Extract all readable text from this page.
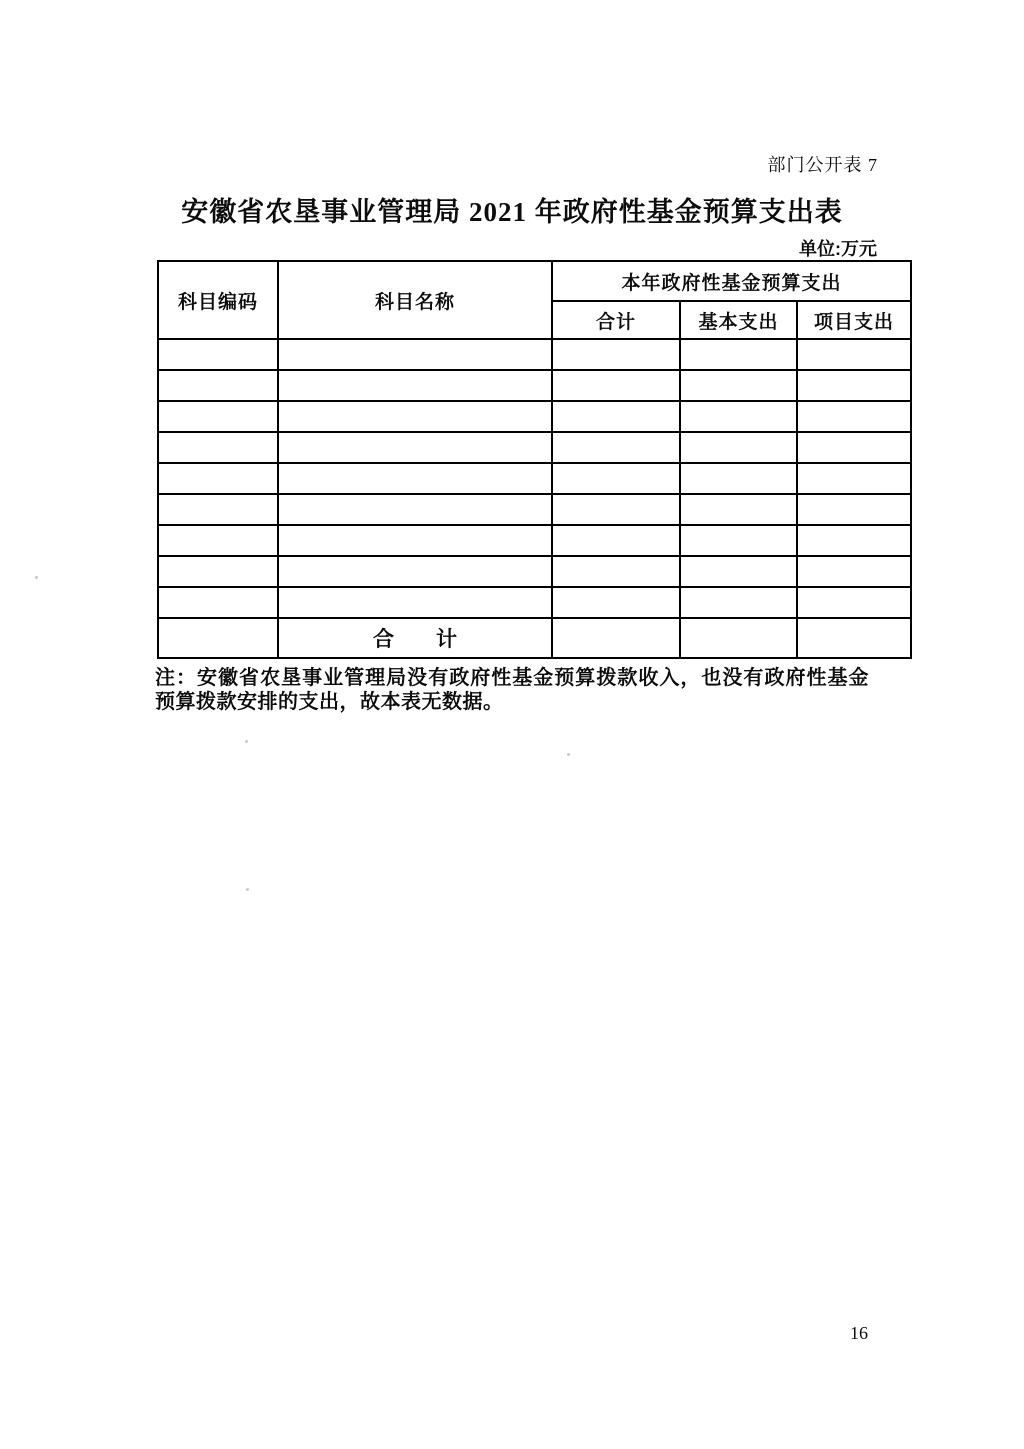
部门公开表 7
安徽省农垦事业管理局 2021 年政府性基金预算支出表
单位:万元
科目编码	科目名称	本年政府性基金预算支出		
		合计	基本支出	项目支出

	合　　计			
注：安徽省农垦事业管理局没有政府性基金预算拨款收入，也没有政府性基金预算拨款安排的支出，故本表无数据。
16
